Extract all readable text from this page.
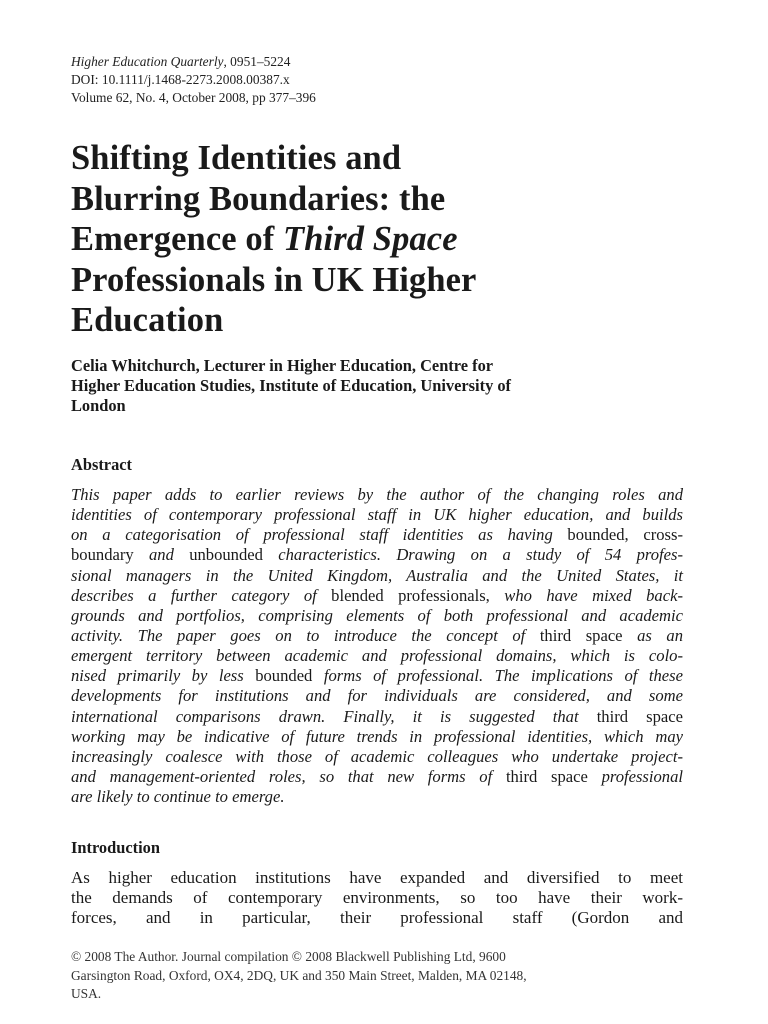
Higher Education Quarterly, 0951–5224
DOI: 10.1111/j.1468-2273.2008.00387.x
Volume 62, No. 4, October 2008, pp 377–396
Shifting Identities and
Blurring Boundaries: the
Emergence of Third Space
Professionals in UK Higher
Education
Celia Whitchurch, Lecturer in Higher Education, Centre for
Higher Education Studies, Institute of Education, University of
London
Abstract
This paper adds to earlier reviews by the author of the changing roles and
identities of contemporary professional staff in UK higher education, and builds
on a categorisation of professional staff identities as having bounded, cross-
boundary and unbounded characteristics. Drawing on a study of 54 profes-
sional managers in the United Kingdom, Australia and the United States, it
describes a further category of blended professionals, who have mixed back-
grounds and portfolios, comprising elements of both professional and academic
activity. The paper goes on to introduce the concept of third space as an
emergent territory between academic and professional domains, which is colo-
nised primarily by less bounded forms of professional. The implications of these
developments for institutions and for individuals are considered, and some
international comparisons drawn. Finally, it is suggested that third space
working may be indicative of future trends in professional identities, which may
increasingly coalesce with those of academic colleagues who undertake project-
and management-oriented roles, so that new forms of third space professional
are likely to continue to emerge.
Introduction
As higher education institutions have expanded and diversified to meet
the demands of contemporary environments, so too have their work-
forces, and in particular, their professional staff (Gordon and
© 2008 The Author. Journal compilation © 2008 Blackwell Publishing Ltd, 9600
Garsington Road, Oxford, OX4, 2DQ, UK and 350 Main Street, Malden, MA 02148,
USA.
